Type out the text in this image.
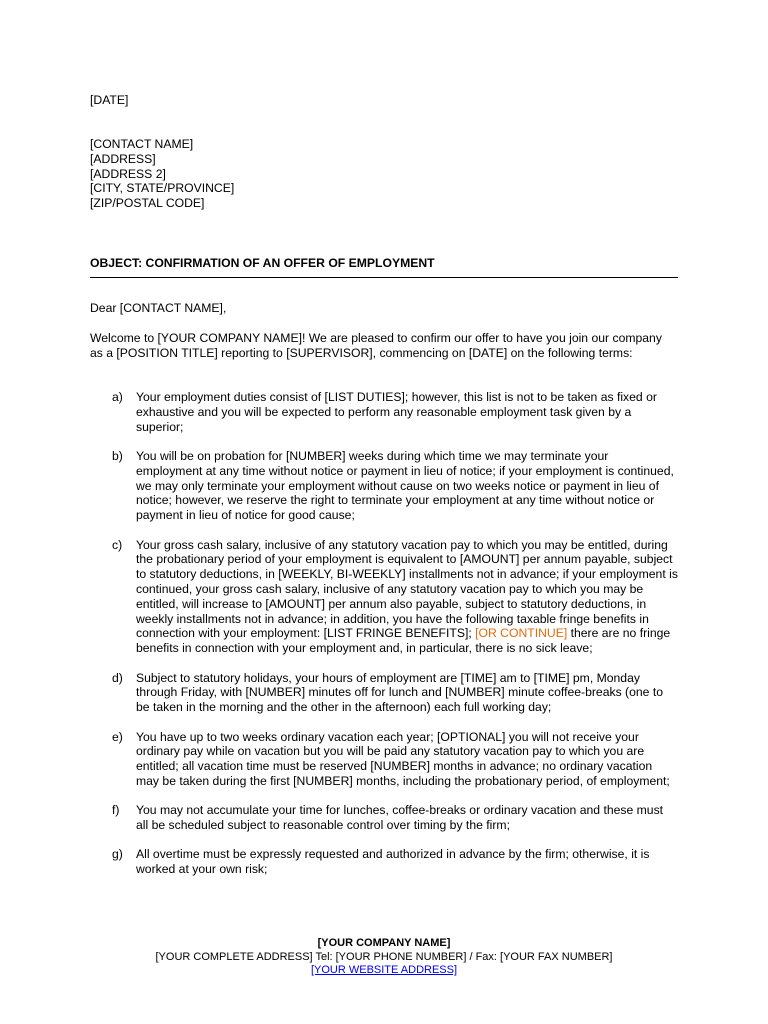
[DATE]
[CONTACT NAME]
[ADDRESS]
[ADDRESS 2]
[CITY, STATE/PROVINCE]
[ZIP/POSTAL CODE]
OBJECT: CONFIRMATION OF AN OFFER OF EMPLOYMENT
Dear [CONTACT NAME],
Welcome to [YOUR COMPANY NAME]! We are pleased to confirm our offer to have you join our company as a [POSITION TITLE] reporting to [SUPERVISOR], commencing on [DATE] on the following terms:
a)	Your employment duties consist of [LIST DUTIES]; however, this list is not to be taken as fixed or exhaustive and you will be expected to perform any reasonable employment task given by a superior;
b)	You will be on probation for [NUMBER] weeks during which time we may terminate your employment at any time without notice or payment in lieu of notice; if your employment is continued, we may only terminate your employment without cause on two weeks notice or payment in lieu of notice; however, we reserve the right to terminate your employment at any time without notice or payment in lieu of notice for good cause;
c)	Your gross cash salary, inclusive of any statutory vacation pay to which you may be entitled, during the probationary period of your employment is equivalent to [AMOUNT] per annum payable, subject to statutory deductions, in [WEEKLY, BI-WEEKLY] installments not in advance; if your employment is continued, your gross cash salary, inclusive of any statutory vacation pay to which you may be entitled, will increase to [AMOUNT] per annum also payable, subject to statutory deductions, in weekly installments not in advance; in addition, you have the following taxable fringe benefits in connection with your employment: [LIST FRINGE BENEFITS]; [OR CONTINUE] there are no fringe benefits in connection with your employment and, in particular, there is no sick leave;
d)	Subject to statutory holidays, your hours of employment are [TIME] am to [TIME] pm, Monday through Friday, with [NUMBER] minutes off for lunch and [NUMBER] minute coffee-breaks (one to be taken in the morning and the other in the afternoon) each full working day;
e)	You have up to two weeks ordinary vacation each year; [OPTIONAL] you will not receive your ordinary pay while on vacation but you will be paid any statutory vacation pay to which you are entitled; all vacation time must be reserved [NUMBER] months in advance; no ordinary vacation may be taken during the first [NUMBER] months, including the probationary period, of employment;
f)	You may not accumulate your time for lunches, coffee-breaks or ordinary vacation and these must all be scheduled subject to reasonable control over timing by the firm;
g)	All overtime must be expressly requested and authorized in advance by the firm; otherwise, it is worked at your own risk;
[YOUR COMPANY NAME]
[YOUR COMPLETE ADDRESS] Tel: [YOUR PHONE NUMBER] / Fax: [YOUR FAX NUMBER]
[YOUR WEBSITE ADDRESS]
